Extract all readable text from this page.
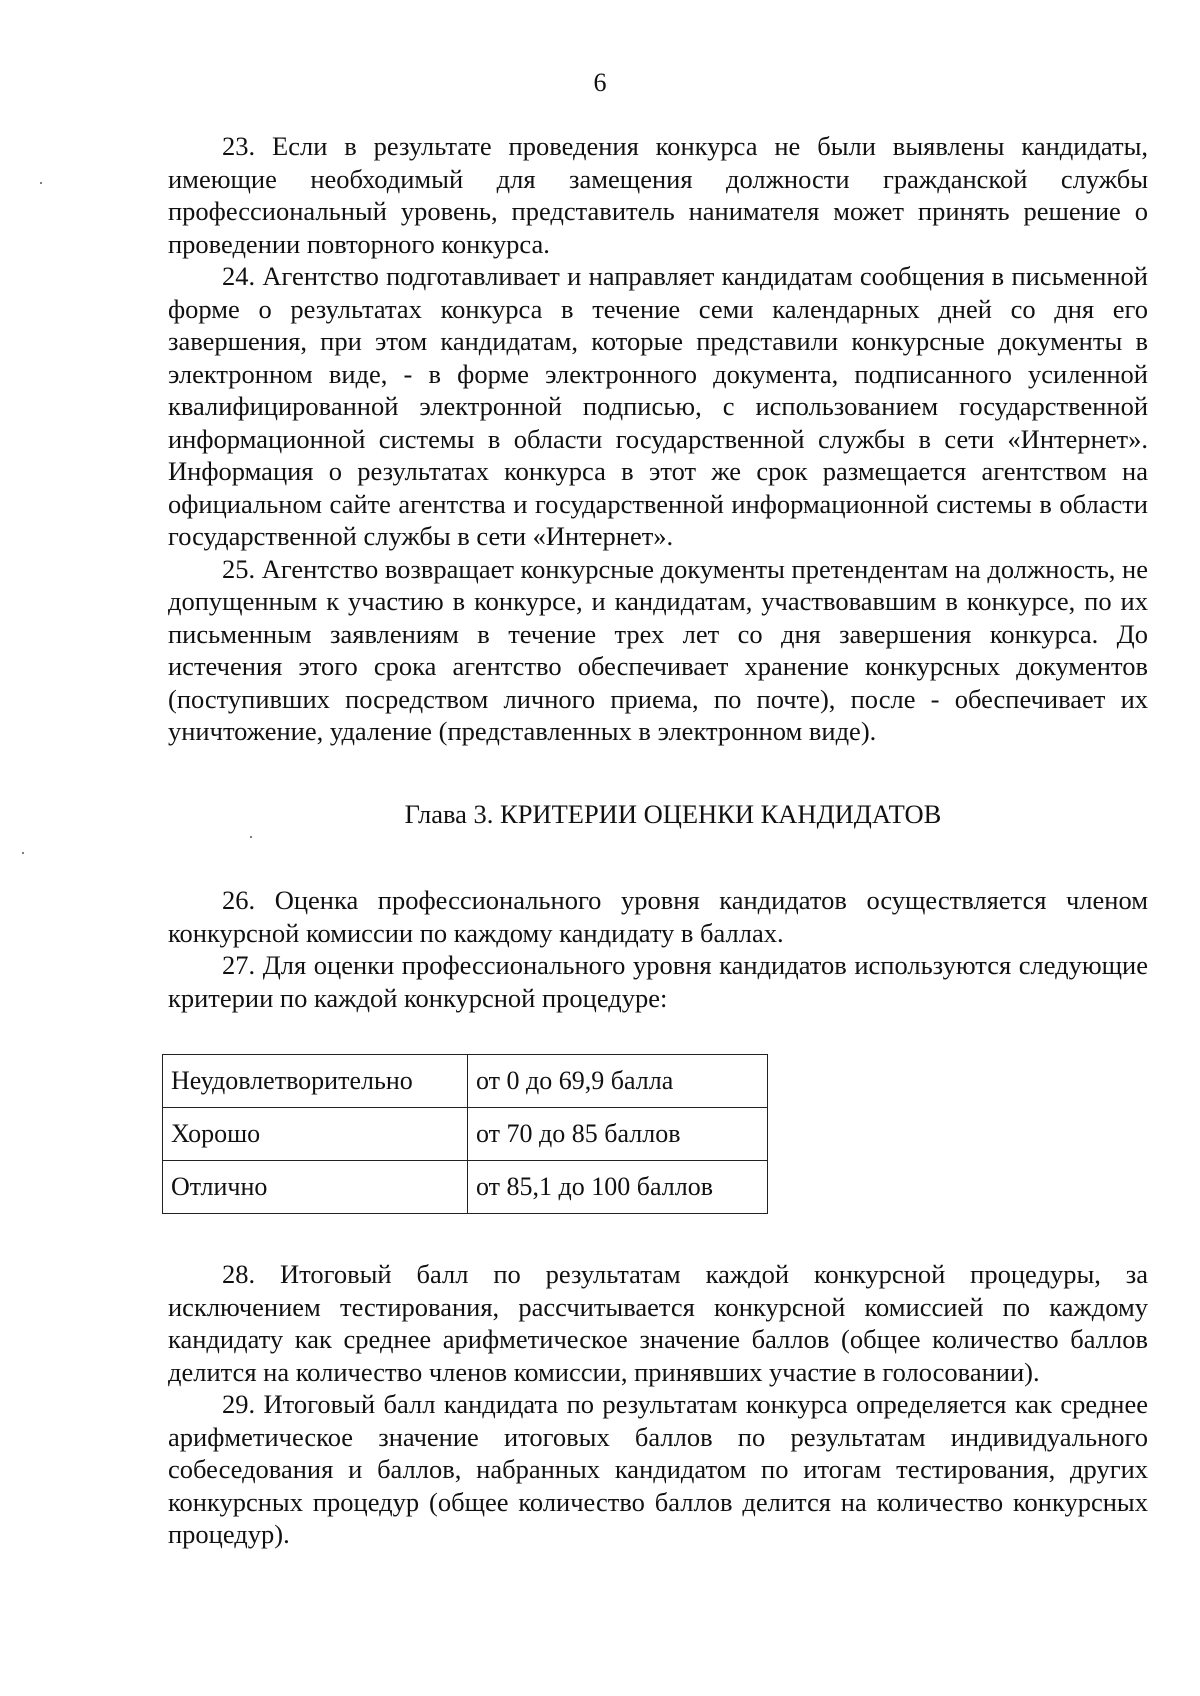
6

23. Если в результате проведения конкурса не были выявлены кандидаты, имеющие необходимый для замещения должности гражданской службы профессиональный уровень, представитель нанимателя может принять решение о проведении повторного конкурса.

24. Агентство подготавливает и направляет кандидатам сообщения в письменной форме о результатах конкурса в течение семи календарных дней со дня его завершения, при этом кандидатам, которые представили конкурсные документы в электронном виде, - в форме электронного документа, подписанного усиленной квалифицированной электронной подписью, с использованием государственной информационной системы в области государственной службы в сети «Интернет». Информация о результатах конкурса в этот же срок размещается агентством на официальном сайте агентства и государственной информационной системы в области государственной службы в сети «Интернет».

25. Агентство возвращает конкурсные документы претендентам на должность, не допущенным к участию в конкурсе, и кандидатам, участвовавшим в конкурсе, по их письменным заявлениям в течение трех лет со дня завершения конкурса. До истечения этого срока агентство обеспечивает хранение конкурсных документов (поступивших посредством личного приема, по почте), после - обеспечивает их уничтожение, удаление (представленных в электронном виде).

Глава 3. КРИТЕРИИ ОЦЕНКИ КАНДИДАТОВ

26. Оценка профессионального уровня кандидатов осуществляется членом конкурсной комиссии по каждому кандидату в баллах.

27. Для оценки профессионального уровня кандидатов используются следующие критерии по каждой конкурсной процедуре:

Неудовлетворительно	от 0 до 69,9 балла
Хорошо	от 70 до 85 баллов
Отлично	от 85,1 до 100 баллов

28. Итоговый балл по результатам каждой конкурсной процедуры, за исключением тестирования, рассчитывается конкурсной комиссией по каждому кандидату как среднее арифметическое значение баллов (общее количество баллов делится на количество членов комиссии, принявших участие в голосовании).

29. Итоговый балл кандидата по результатам конкурса определяется как среднее арифметическое значение итоговых баллов по результатам индивидуального собеседования и баллов, набранных кандидатом по итогам тестирования, других конкурсных процедур (общее количество баллов делится на количество конкурсных процедур).
